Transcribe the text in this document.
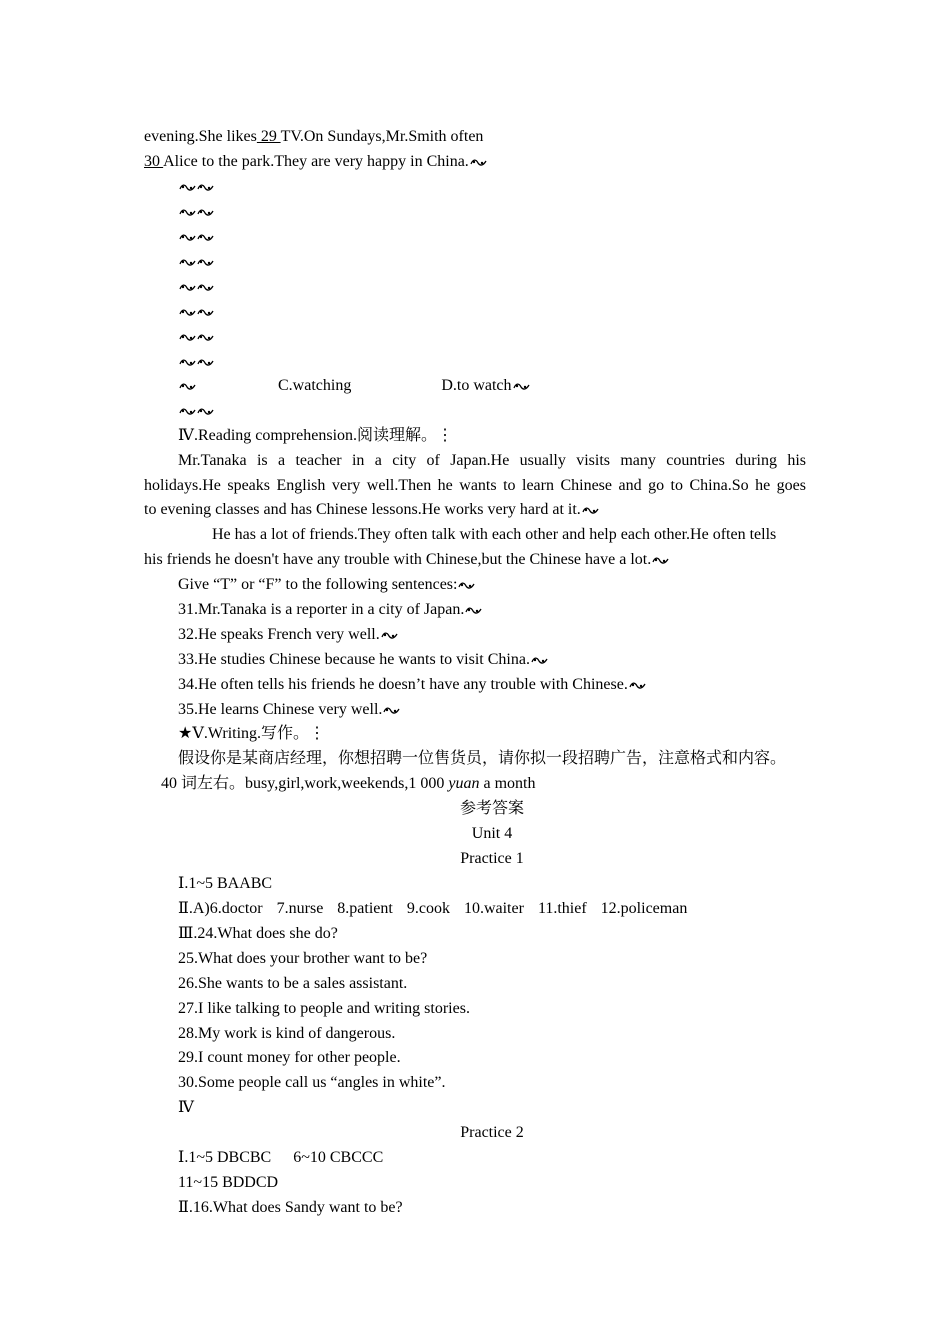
evening.She likes 29 TV.On Sundays,Mr.Smith often
30 Alice to the park.They are very happy in China.
C.watching	D.to watch
Ⅳ.Reading comprehension.阅读理解。⋮
Mr.Tanaka is a teacher in a city of Japan.He usually visits many countries during his
holidays.He speaks English very well.Then he wants to learn Chinese and go to China.So he goes
to evening classes and has Chinese lessons.He works very hard at it.
He has a lot of friends.They often talk with each other and help each other.He often tells
his friends he doesn't have any trouble with Chinese,but the Chinese have a lot.
Give “T” or “F” to the following sentences:
31.Mr.Tanaka is a reporter in a city of Japan.
32.He speaks French very well.
33.He studies Chinese because he wants to visit China.
34.He often tells his friends he doesn’t have any trouble with Chinese.
35.He learns Chinese very well.
★Ⅴ.Writing.写作。⋮
假设你是某商店经理，你想招聘一位售货员，请你拟一段招聘广告，注意格式和内容。
40 词左右。busy,girl,work,weekends,1 000 yuan a month
参考答案
Unit 4
Practice 1
Ⅰ.1~5 BAABC
Ⅱ.A)6.doctor 7.nurse 8.patient 9.cook 10.waiter 11.thief 12.policeman
Ⅲ.24.What does she do?
25.What does your brother want to be?
26.She wants to be a sales assistant.
27.I like talking to people and writing stories.
28.My work is kind of dangerous.
29.I count money for other people.
30.Some people call us “angles in white”.
Ⅳ
Practice 2
Ⅰ.1~5 DBCBC 6~10 CBCCC
11~15 BDDCD
Ⅱ.16.What does Sandy want to be?
